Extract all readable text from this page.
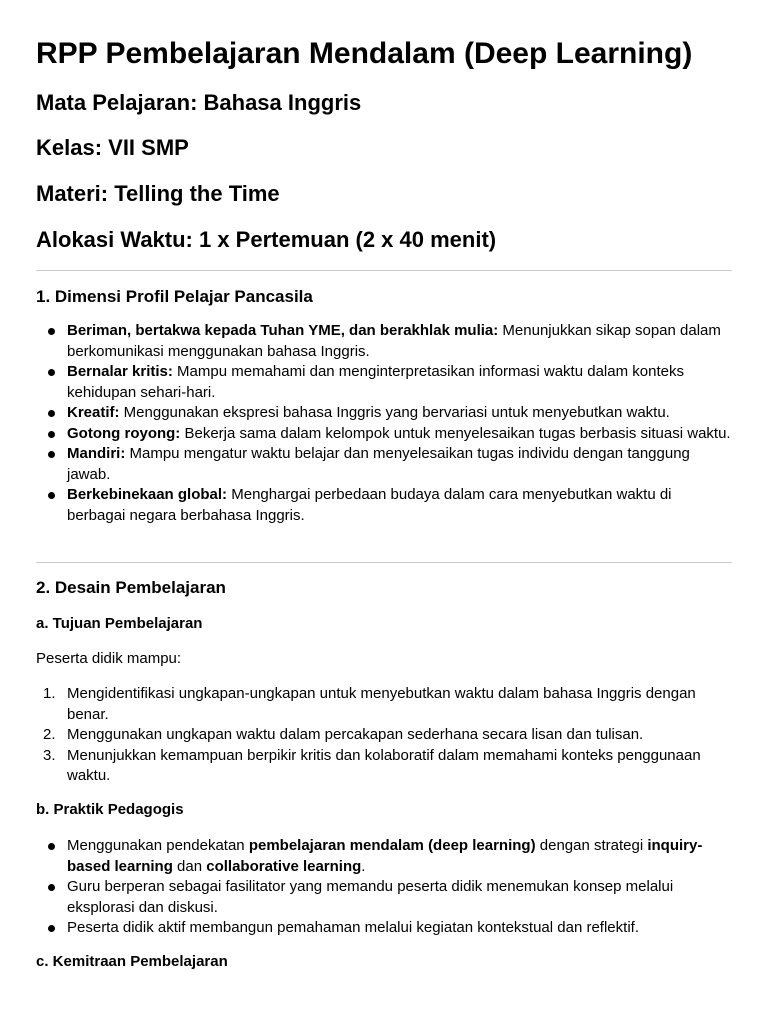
RPP Pembelajaran Mendalam (Deep Learning)
Mata Pelajaran: Bahasa Inggris
Kelas: VII SMP
Materi: Telling the Time
Alokasi Waktu: 1 x Pertemuan (2 x 40 menit)
1. Dimensi Profil Pelajar Pancasila
Beriman, bertakwa kepada Tuhan YME, dan berakhlak mulia: Menunjukkan sikap sopan dalam berkomunikasi menggunakan bahasa Inggris.
Bernalar kritis: Mampu memahami dan menginterpretasikan informasi waktu dalam konteks kehidupan sehari-hari.
Kreatif: Menggunakan ekspresi bahasa Inggris yang bervariasi untuk menyebutkan waktu.
Gotong royong: Bekerja sama dalam kelompok untuk menyelesaikan tugas berbasis situasi waktu.
Mandiri: Mampu mengatur waktu belajar dan menyelesaikan tugas individu dengan tanggung jawab.
Berkebinekaan global: Menghargai perbedaan budaya dalam cara menyebutkan waktu di berbagai negara berbahasa Inggris.
2. Desain Pembelajaran
a. Tujuan Pembelajaran

Peserta didik mampu:

1. Mengidentifikasi ungkapan-ungkapan untuk menyebutkan waktu dalam bahasa Inggris dengan benar.
2. Menggunakan ungkapan waktu dalam percakapan sederhana secara lisan dan tulisan.
3. Menunjukkan kemampuan berpikir kritis dan kolaboratif dalam memahami konteks penggunaan waktu.
b. Praktik Pedagogis
Menggunakan pendekatan pembelajaran mendalam (deep learning) dengan strategi inquiry-based learning dan collaborative learning.
Guru berperan sebagai fasilitator yang memandu peserta didik menemukan konsep melalui eksplorasi dan diskusi.
Peserta didik aktif membangun pemahaman melalui kegiatan kontekstual dan reflektif.
c. Kemitraan Pembelajaran
